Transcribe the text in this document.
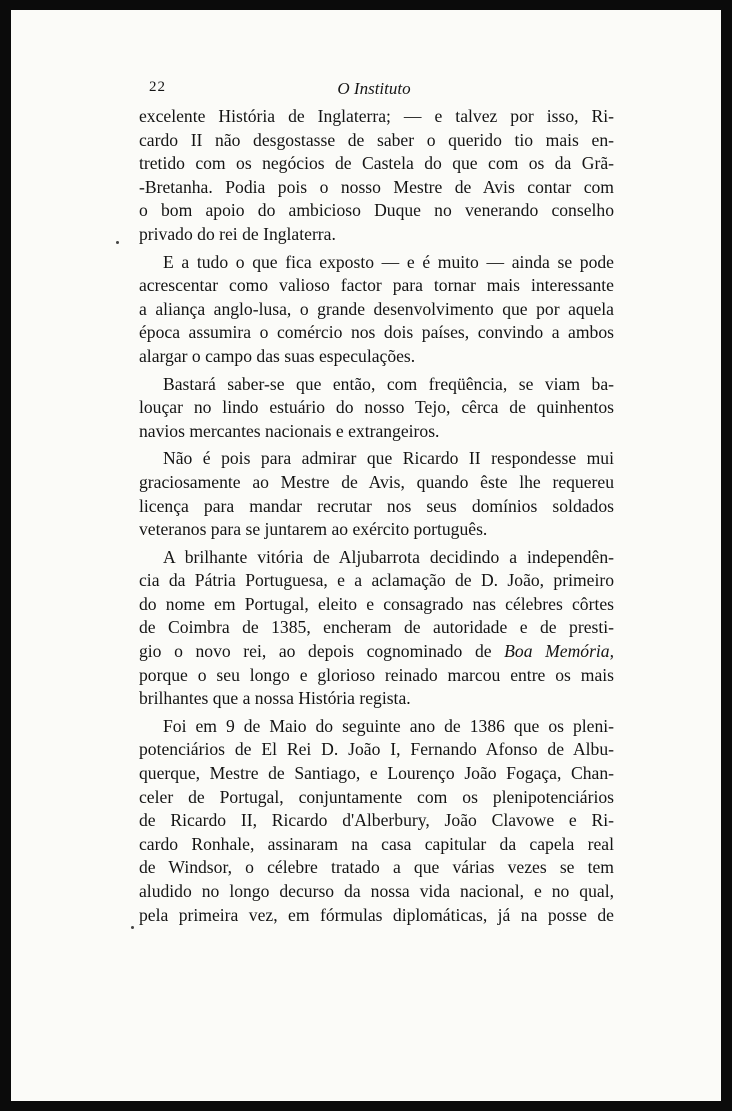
22	O Instituto
excelente História de Inglaterra; — e talvez por isso, Ri-
cardo II não desgostasse de saber o querido tio mais en-
tretido com os negócios de Castela do que com os da Grã-
-Bretanha. Podia pois o nosso Mestre de Avis contar com
o bom apoio do ambicioso Duque no venerando conselho
privado do rei de Inglaterra.
E a tudo o que fica exposto — e é muito — ainda se pode
acrescentar como valioso factor para tornar mais interessante
a aliança anglo-lusa, o grande desenvolvimento que por aquela
época assumira o comércio nos dois países, convindo a ambos
alargar o campo das suas especulações.
Bastará saber-se que então, com freqüência, se viam ba-
louçar no lindo estuário do nosso Tejo, cêrca de quinhentos
navios mercantes nacionais e extrangeiros.
Não é pois para admirar que Ricardo II respondesse mui
graciosamente ao Mestre de Avis, quando êste lhe requereu
licença para mandar recrutar nos seus domínios soldados
veteranos para se juntarem ao exército português.
A brilhante vitória de Aljubarrota decidindo a independên-
cia da Pátria Portuguesa, e a aclamação de D. João, primeiro
do nome em Portugal, eleito e consagrado nas célebres côrtes
de Coimbra de 1385, encheram de autoridade e de presti-
gio o novo rei, ao depois cognominado de Boa Memória,
porque o seu longo e glorioso reinado marcou entre os mais
brilhantes que a nossa História regista.
Foi em 9 de Maio do seguinte ano de 1386 que os pleni-
potenciários de El Rei D. João I, Fernando Afonso de Albu-
querque, Mestre de Santiago, e Lourenço João Fogaça, Chan-
celer de Portugal, conjuntamente com os plenipotenciários
de Ricardo II, Ricardo d'Alberbury, João Clavowe e Ri-
cardo Ronhale, assinaram na casa capitular da capela real
de Windsor, o célebre tratado a que várias vezes se tem
aludido no longo decurso da nossa vida nacional, e no qual,
pela primeira vez, em fórmulas diplomáticas, já na posse de
